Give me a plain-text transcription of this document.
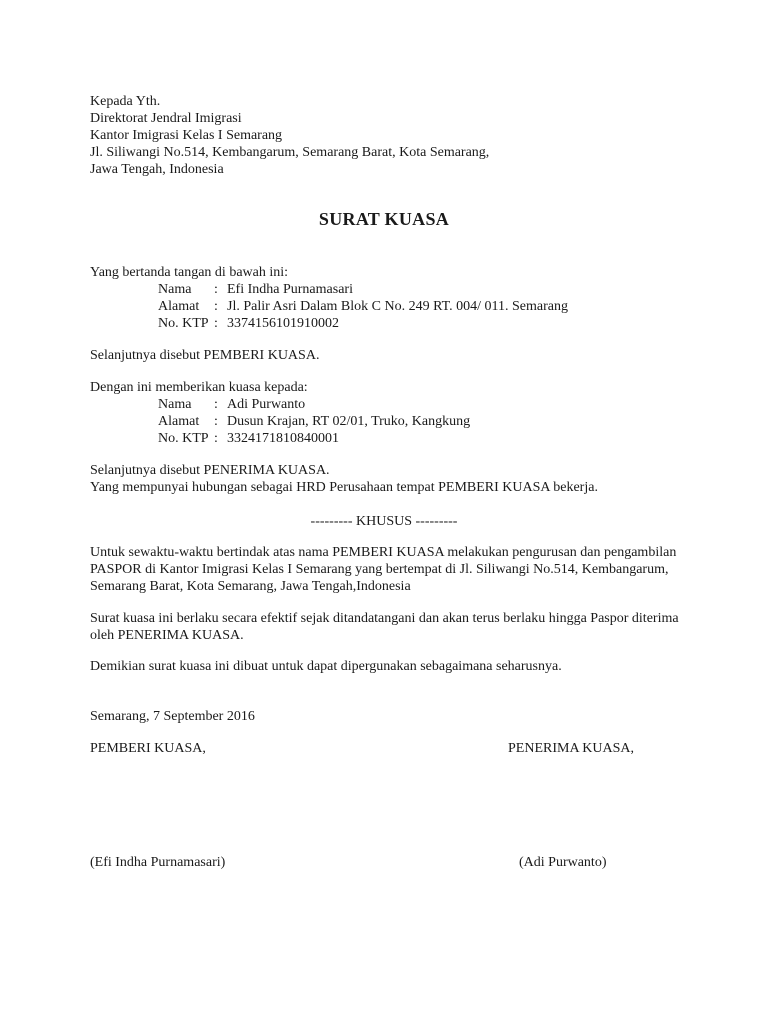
Kepada Yth.
Direktorat Jendral Imigrasi
Kantor Imigrasi Kelas I Semarang
Jl. Siliwangi No.514, Kembangarum, Semarang Barat, Kota Semarang,
Jawa Tengah, Indonesia
SURAT KUASA
Yang bertanda tangan di bawah ini:
Nama : Efi Indha Purnamasari
Alamat : Jl. Palir Asri Dalam Blok C No. 249 RT. 004/ 011. Semarang
No. KTP : 3374156101910002
Selanjutnya disebut PEMBERI KUASA.
Dengan ini memberikan kuasa kepada:
Nama : Adi Purwanto
Alamat : Dusun Krajan, RT 02/01, Truko, Kangkung
No. KTP : 3324171810840001
Selanjutnya disebut PENERIMA KUASA.
Yang mempunyai hubungan sebagai HRD Perusahaan tempat PEMBERI KUASA bekerja.
--------- KHUSUS ---------
Untuk sewaktu-waktu bertindak atas nama PEMBERI KUASA melakukan pengurusan dan pengambilan
PASPOR di Kantor Imigrasi Kelas I Semarang yang bertempat di Jl. Siliwangi No.514, Kembangarum,
Semarang Barat, Kota Semarang, Jawa Tengah,Indonesia
Surat kuasa ini berlaku secara efektif sejak ditandatangani dan akan terus berlaku hingga Paspor diterima
oleh PENERIMA KUASA.
Demikian surat kuasa ini dibuat untuk dapat dipergunakan sebagaimana seharusnya.
Semarang, 7 September 2016
PEMBERI KUASA,	PENERIMA KUASA,
(Efi Indha Purnamasari)	(Adi Purwanto)
